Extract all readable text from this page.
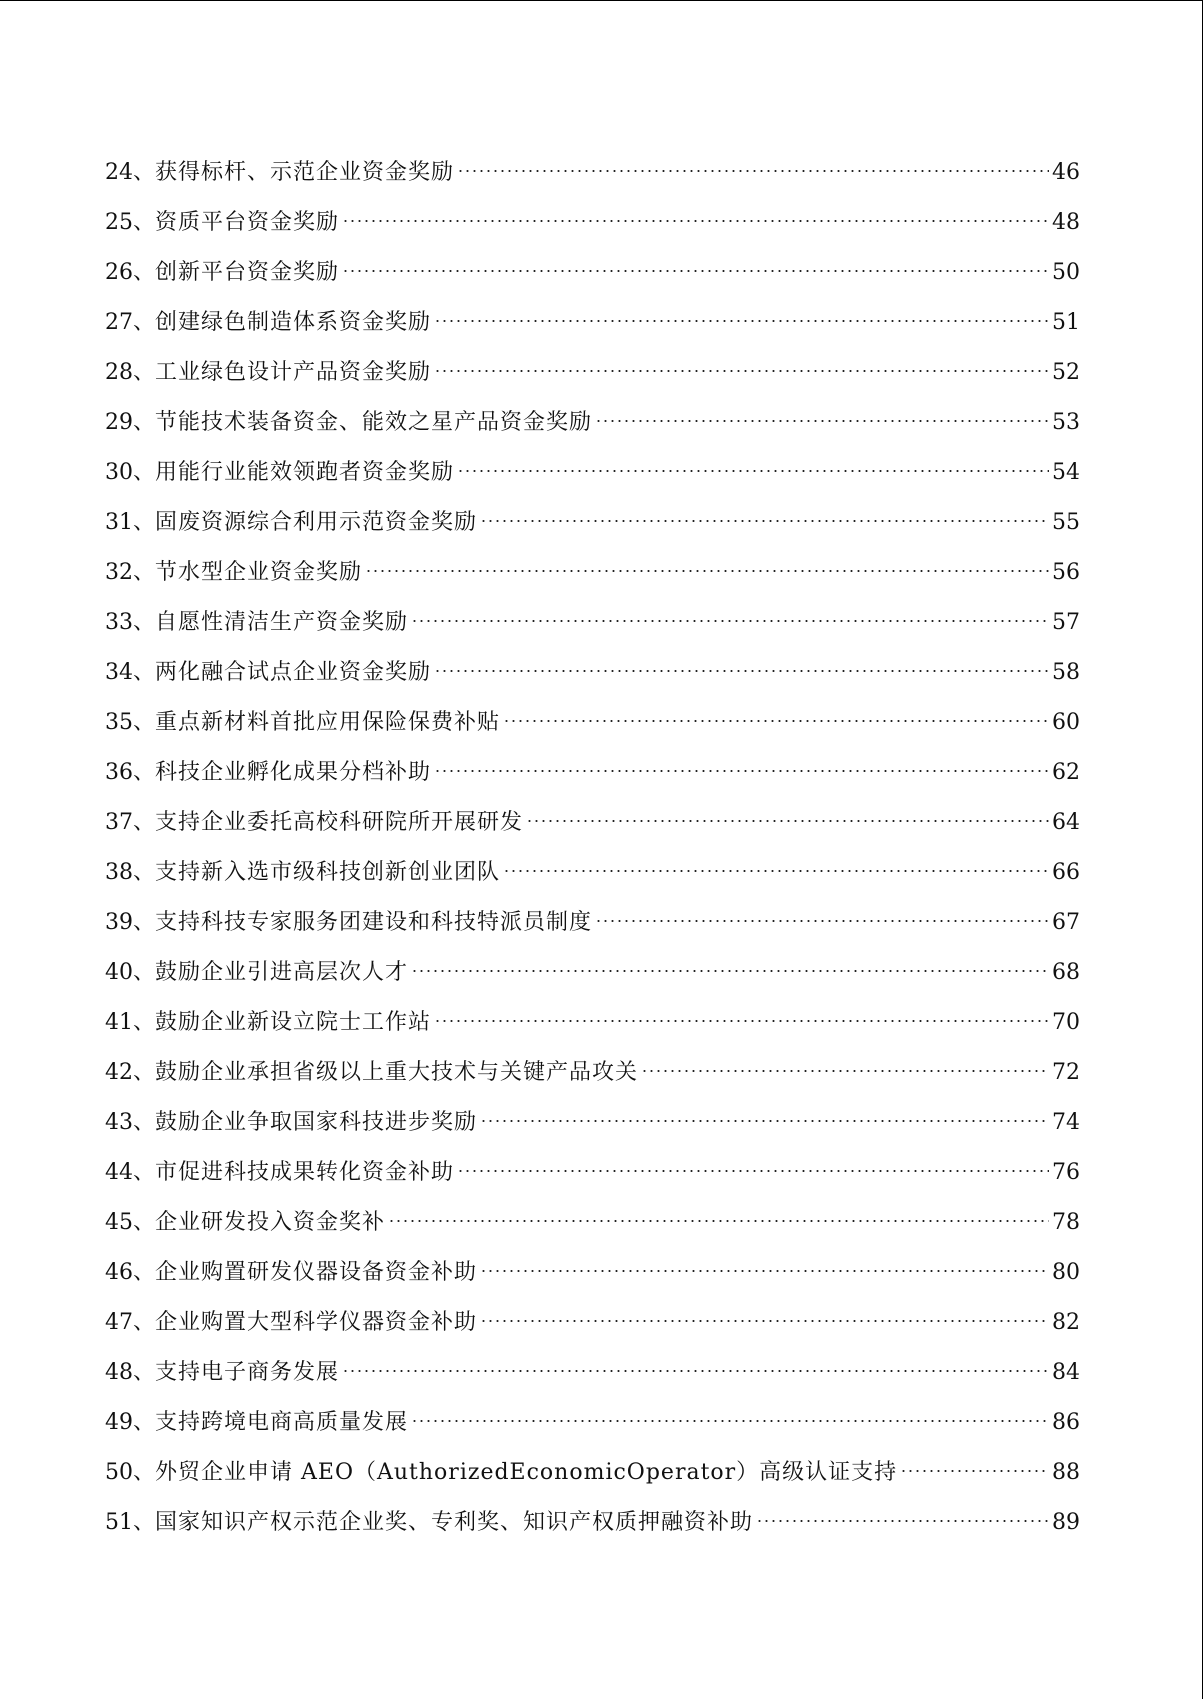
24 、 获得标杆、示范企业资金奖励	46
25 、 资质平台资金奖励	48
26 、 创新平台资金奖励	50
27 、 创建绿色制造体系资金奖励	51
28 、 工业绿色设计产品资金奖励	52
29 、 节能技术装备资金、能效之星产品资金奖励	53
30 、 用能行业能效领跑者资金奖励	54
31 、 固废资源综合利用示范资金奖励	55
32 、 节水型企业资金奖励	56
33 、 自愿性清洁生产资金奖励	57
34 、 两化融合试点企业资金奖励	58
35 、 重点新材料首批应用保险保费补贴	60
36 、 科技企业孵化成果分档补助	62
37 、 支持企业委托高校科研院所开展研发	64
38 、 支持新入选市级科技创新创业团队	66
39 、 支持科技专家服务团建设和科技特派员制度	67
40 、 鼓励企业引进高层次人才	68
41 、 鼓励企业新设立院士工作站	70
42 、 鼓励企业承担省级以上重大技术与关键产品攻关	72
43 、 鼓励企业争取国家科技进步奖励	74
44 、 市促进科技成果转化资金补助	76
45 、 企业研发投入资金奖补	78
46 、 企业购置研发仪器设备资金补助	80
47 、 企业购置大型科学仪器资金补助	82
48 、 支持电子商务发展	84
49 、 支持跨境电商高质量发展	86
50 、 外贸企业申请 AEO（AuthorizedEconomicOperator）高级认证支持	88
51 、 国家知识产权示范企业奖、专利奖、知识产权质押融资补助	89
